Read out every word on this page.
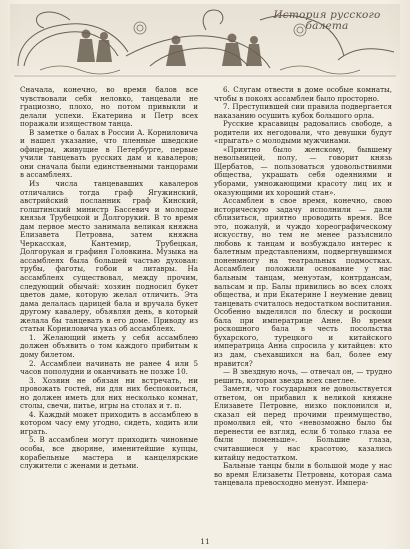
История русского
балета

Сначала, конечно, во время балов все чувствовали себя неловко, танцевали не грациозно, плохо, но потом привыкли и делали успехи. Екатерина и Петр всех поражали изяществом танца.

В заметке о балах в России А. Корниловича и нашел указание, что пленные шведские офицеры, живущие в Петербурге, первые учили танцевать русских дам и кавалеров; они сначала были единственными танцорами в ассамблеях.

Из числа танцевавших кавалеров отличались тогда граф Ягужинский, австрийский посланник граф Кинский, голштинский министр Бассевич и молодые князья Трубецкой и Долгорукий. В то время дам первое место занимала великая княжна Елизавета Петровна, затем княжна Черкасская, Кантемир, Трубецкая, Долгорукая и графиня Головкина. Музыка на ассамблеях была большей частью духовая: трубы, фаготы, гобои и литавры. На ассамблеях существовал, между прочим, следующий обычай: хозяин подносил букет цветов даме, которую желал отличить. Эта дама делалась царицей бала и вручала букет другому кавалеру, объявляя день, в который желала бы танцевать в его доме. Приводу из статьи Корниловича указ об ассамблеях.

1. Желающий иметь у себя ассамблею должен объявить о том каждого прибитым к дому билетом.

2. Ассамблеи начинать не ранее 4 или 5 часов пополудни и оканчивать не позже 10.

3. Хозяин не обязан ни встречать, ни провожать гостей, ни для них беспокоиться, но должен иметь для них несколько комнат, столы, свечи, питье, игры на столах и т. п.

4. Каждый может приходить в ассамблею в котором часу ему угодно, сидеть, ходить или играть.

5. В ассамблеи могут приходить чиновные особы, все дворяне, именитейшие купцы, корабельные мастера и канцелярские служители с женами и детьми.

6. Слугам отвести в доме особые комнаты, чтобы в покоях ассамблеи было просторно.

7. Преступившей сии правила подвергается наказанию осушить кубок большого орла.

Русские красавицы радовались свободе, а родители их негодовали, что девушки будут «прыгать» с молодыми мужчинами.

«Приятно было женскому, бывшему невольницей, полу, — говорит князь Щербатов, — пользоваться удовольствиями общества, украшать себя одеяниями и уборами, умножающими красоту лиц их и оказующими их хороший стан».

Ассамблеи в свое время, конечно, свою историческую задачу исполнили — дали сблизиться, приятно проводить время. Все это, пожалуй, и чуждо хореографическому искусству, но тем не менее разъяснило любовь к танцам и возбуждало интерес к балетным представлениям, подвергнувшимся поненмногу на театральных подмостках. Ассамблеи положили основание у нас бальным танцам, менуэтам, контрдансам, вальсам и пр. Балы привились во всех слоях общества, и при Екатерине I неумение девиц танцевать считалось недостатком воспитания. Особенно выделялся по блеску и роскоши бала при императрице Анне. Во время роскошного бала в честь посольства бухарского, турецкого и китайского императрица Анна спросила у китайцев: кто из дам, съехавшихся на бал, более ему нравится?

— В звездную ночь, — отвечал он, — трудно решить, которая звезда всех светлее.

Заметя, что государыня не довольствуется ответом, он прибавил к великой княжне Елизавете Петровне, низко поклонился и, сказал ей перед прочими преимущество, промолвил ей, что «невозможно было бы перенести ее взгляд, если б только глаза ее были поменьше». Большие глаза, считавшиеся у нас красотою, казались китайцу недостатком.

Бальные танцы были в большой моде у нас во время Елизаветы Петровны, которая сама танцевала превосходно менуэт. Импера-

11
